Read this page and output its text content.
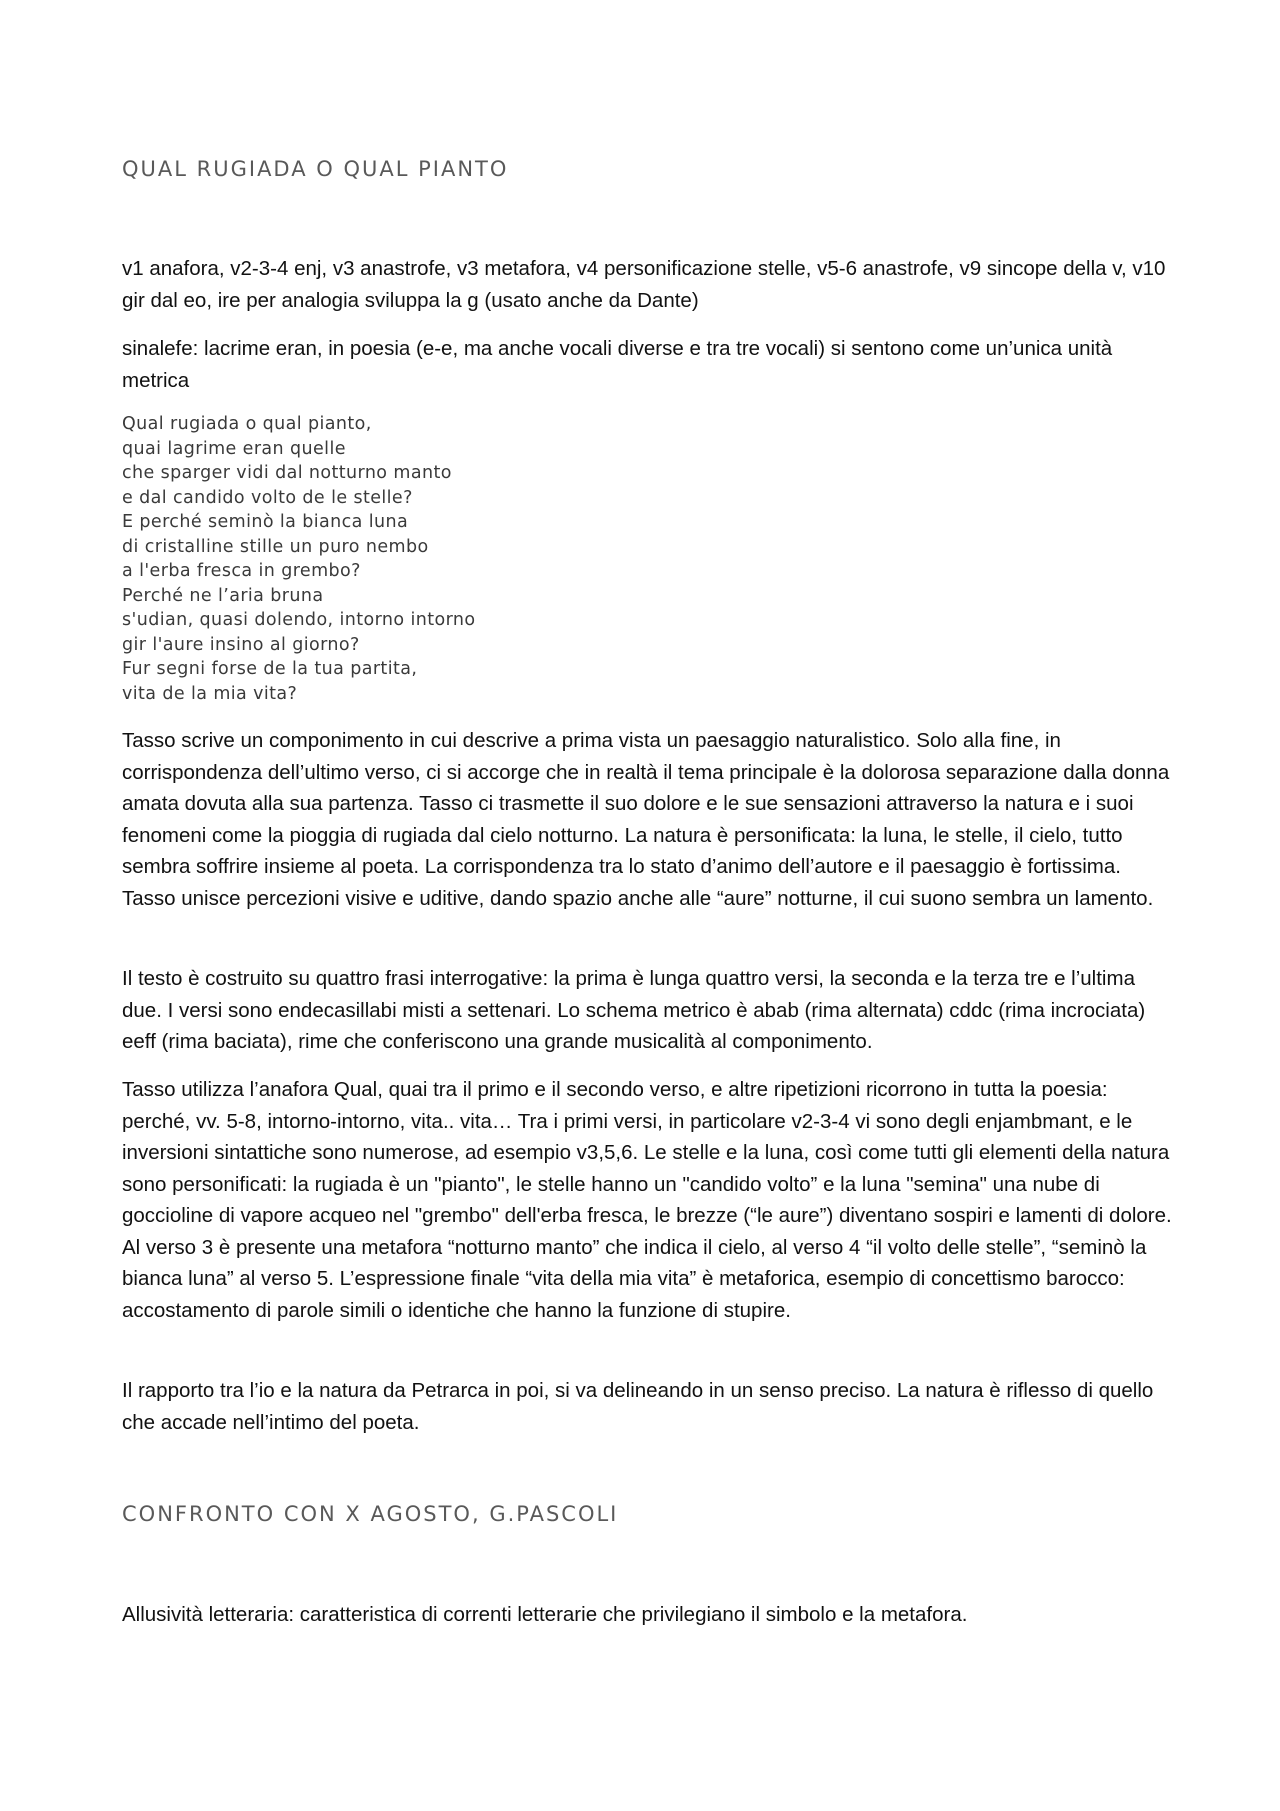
QUAL RUGIADA O QUAL PIANTO

v1 anafora, v2-3-4 enj, v3 anastrofe, v3 metafora, v4 personificazione stelle, v5-6 anastrofe, v9 sincope della v, v10 gir dal eo, ire per analogia sviluppa la g (usato anche da Dante)

sinalefe: lacrime eran, in poesia (e-e, ma anche vocali diverse e tra tre vocali) si sentono come un’unica unità metrica

Qual rugiada o qual pianto,
quai lagrime eran quelle
che sparger vidi dal notturno manto
e dal candido volto de le stelle?
E perché seminò la bianca luna
di cristalline stille un puro nembo
a l'erba fresca in grembo?
Perché ne l’aria bruna
s'udian, quasi dolendo, intorno intorno
gir l'aure insino al giorno?
Fur segni forse de la tua partita,
vita de la mia vita?

Tasso scrive un componimento in cui descrive a prima vista un paesaggio naturalistico. Solo alla fine, in corrispondenza dell’ultimo verso, ci si accorge che in realtà il tema principale è la dolorosa separazione dalla donna amata dovuta alla sua partenza. Tasso ci trasmette il suo dolore e le sue sensazioni attraverso la natura e i suoi fenomeni come la pioggia di rugiada dal cielo notturno. La natura è personificata: la luna, le stelle, il cielo, tutto sembra soffrire insieme al poeta. La corrispondenza tra lo stato d’animo dell’autore e il paesaggio è fortissima. Tasso unisce percezioni visive e uditive, dando spazio anche alle “aure” notturne, il cui suono sembra un lamento.

Il testo è costruito su quattro frasi interrogative: la prima è lunga quattro versi, la seconda e la terza tre e l’ultima due. I versi sono endecasillabi misti a settenari. Lo schema metrico è abab (rima alternata) cddc (rima incrociata) eeff (rima baciata), rime che conferiscono una grande musicalità al componimento.

Tasso utilizza l’anafora Qual, quai tra il primo e il secondo verso, e altre ripetizioni ricorrono in tutta la poesia: perché, vv. 5-8, intorno-intorno, vita.. vita… Tra i primi versi, in particolare v2-3-4 vi sono degli enjambmant, e le inversioni sintattiche sono numerose, ad esempio v3,5,6. Le stelle e la luna, così come tutti gli elementi della natura sono personificati: la rugiada è un "pianto", le stelle hanno un "candido volto” e la luna "semina" una nube di goccioline di vapore acqueo nel "grembo" dell'erba fresca, le brezze (“le aure”) diventano sospiri e lamenti di dolore. Al verso 3 è presente una metafora “notturno manto” che indica il cielo, al verso 4 “il volto delle stelle”, “seminò la bianca luna” al verso 5. L’espressione finale “vita della mia vita” è metaforica, esempio di concettismo barocco: accostamento di parole simili o identiche che hanno la funzione di stupire.

Il rapporto tra l’io e la natura da Petrarca in poi, si va delineando in un senso preciso. La natura è riflesso di quello che accade nell’intimo del poeta.

CONFRONTO CON X AGOSTO, G.PASCOLI

Allusività letteraria: caratteristica di correnti letterarie che privilegiano il simbolo e la metafora.
